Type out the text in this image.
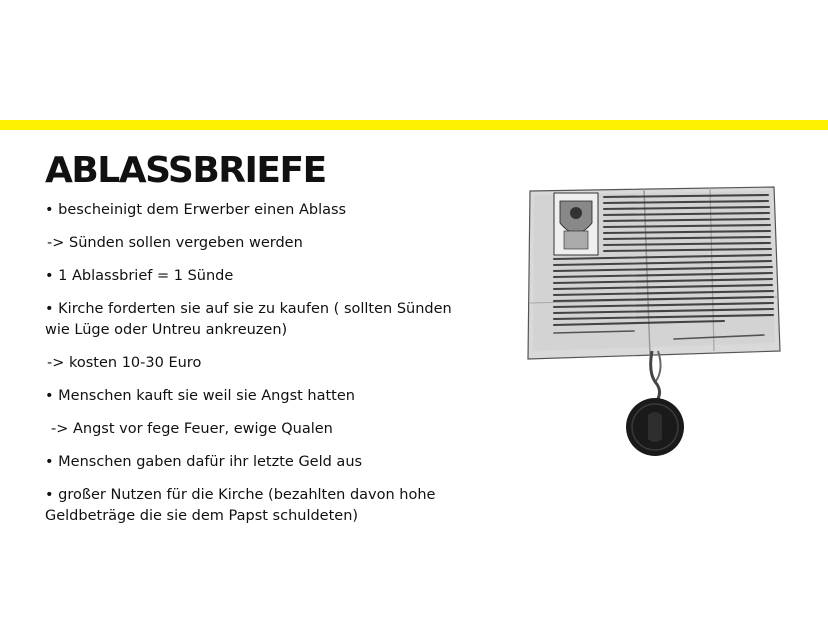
ABLASSBRIEFE
• bescheinigt dem Erwerber einen Ablass
-> Sünden sollen vergeben werden
• 1 Ablassbrief = 1 Sünde
• Kirche forderten sie auf sie zu kaufen ( sollten Sünden wie Lüge oder Untreu ankreuzen)
-> kosten 10-30 Euro
• Menschen kauft sie weil sie Angst hatten
-> Angst vor fege Feuer, ewige Qualen
• Menschen gaben dafür ihr letzte Geld aus
• großer Nutzen für die Kirche (bezahlten davon hohe Geldbeträge die sie dem Papst schuldeten)
